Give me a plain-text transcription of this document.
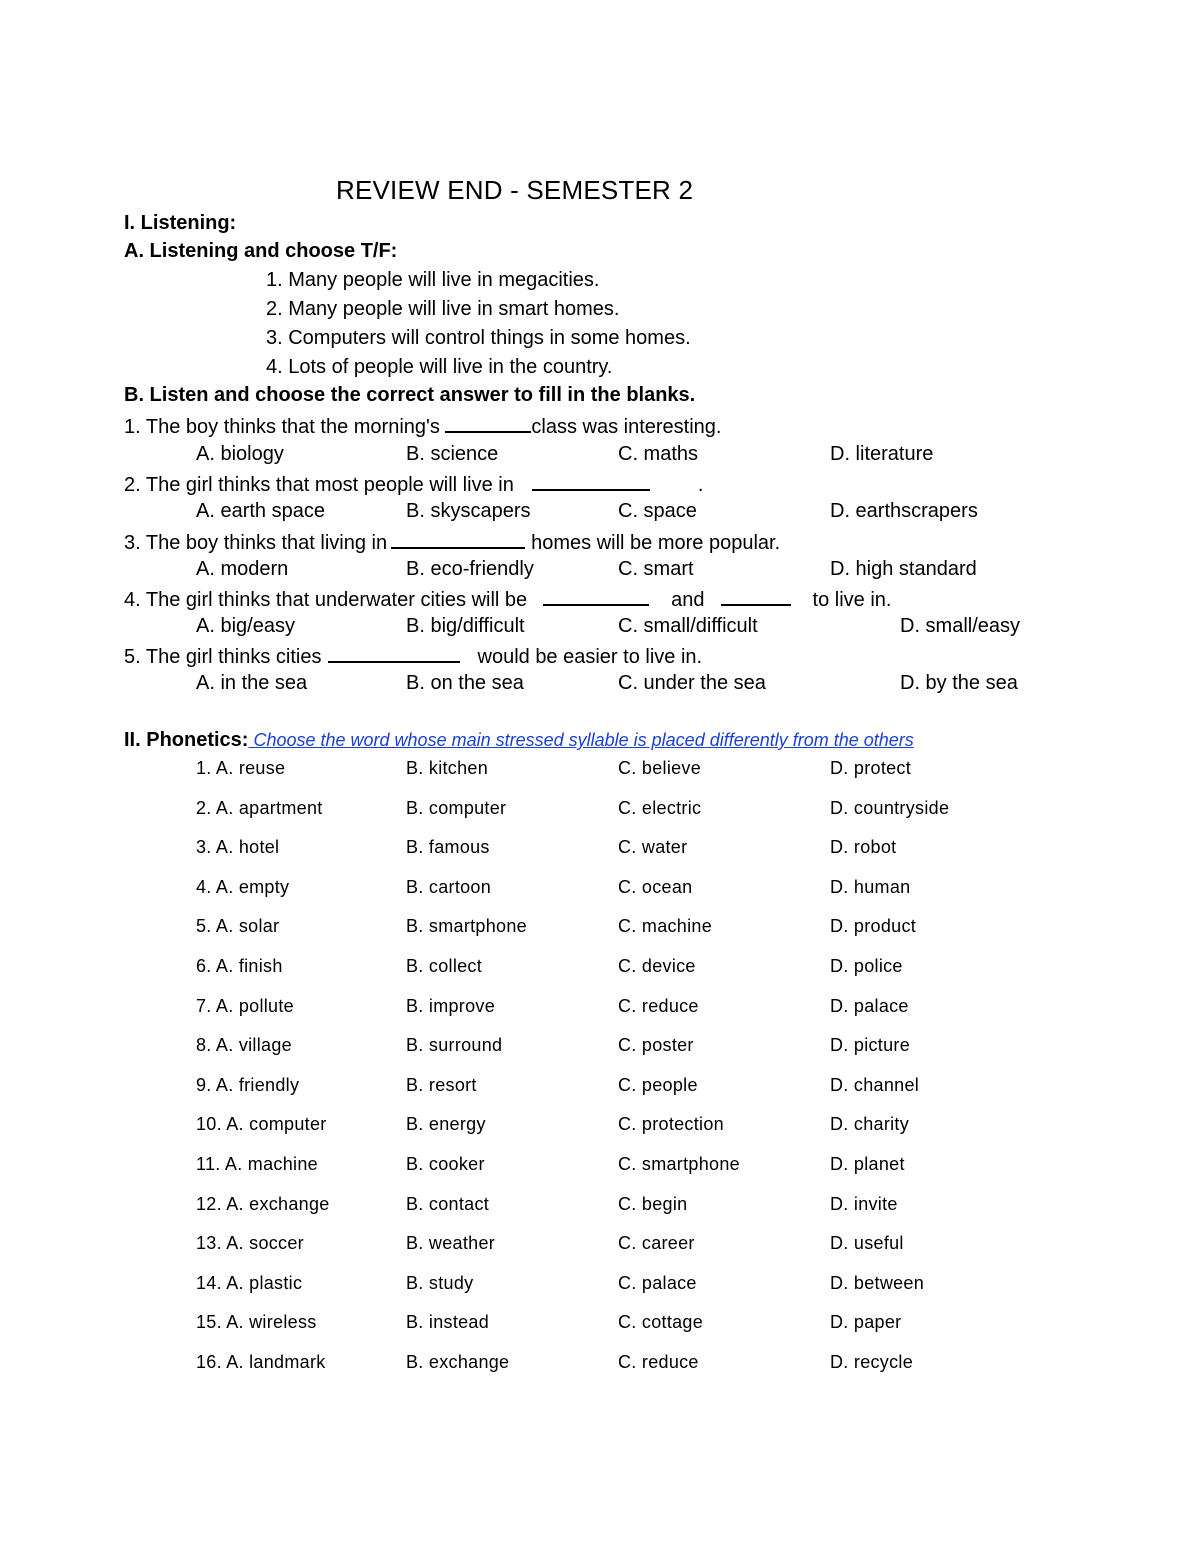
REVIEW END - SEMESTER 2
I. Listening:
A. Listening and choose T/F:
1. Many people will live in megacities.
2. Many people will live in smart homes.
3. Computers will control things in some homes.
4. Lots of people will live in the country.
B. Listen and choose the correct answer to fill in the blanks.
1. The boy thinks that the morning's	class was interesting.
A. biology	B. science	C. maths	D. literature
2. The girl thinks that most people will live in	.
A. earth space	B. skyscapers	C. space	D. earthscrapers
3. The boy thinks that living in	homes will be more popular.
A. modern	B. eco-friendly	C. smart	D. high standard
4. The girl thinks that underwater cities will be	and	to live in.
A. big/easy	B. big/difficult	C. small/difficult	D. small/easy
5. The girl thinks cities	would be easier to live in.
A. in the sea	B. on the sea	C. under the sea	D. by the sea
II. Phonetics: Choose the word whose main stressed syllable is placed differently from the others
1. A. reuse	B. kitchen	C. believe	D. protect
2. A. apartment	B. computer	C. electric	D. countryside
3. A. hotel	B. famous	C. water	D. robot
4. A. empty	B. cartoon	C. ocean	D. human
5. A. solar	B. smartphone	C. machine	D. product
6. A. finish	B. collect	C. device	D. police
7. A. pollute	B. improve	C. reduce	D. palace
8. A. village	B. surround	C. poster	D. picture
9. A. friendly	B. resort	C. people	D. channel
10. A. computer	B. energy	C. protection	D. charity
11. A. machine	B. cooker	C. smartphone	D. planet
12. A. exchange	B. contact	C. begin	D. invite
13. A. soccer	B. weather	C. career	D. useful
14. A. plastic	B. study	C. palace	D. between
15. A. wireless	B. instead	C. cottage	D. paper
16. A. landmark	B. exchange	C. reduce	D. recycle
